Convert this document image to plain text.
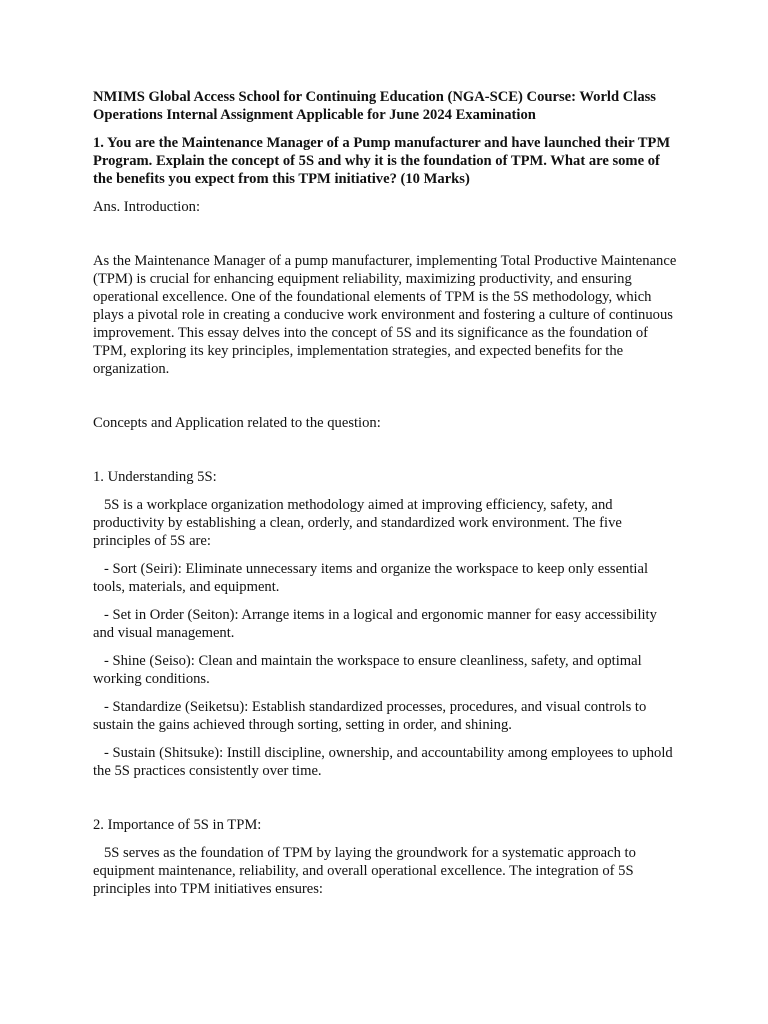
NMIMS Global Access School for Continuing Education (NGA-SCE) Course: World Class Operations Internal Assignment Applicable for June 2024 Examination

1. You are the Maintenance Manager of a Pump manufacturer and have launched their TPM Program. Explain the concept of 5S and why it is the foundation of TPM. What are some of the benefits you expect from this TPM initiative? (10 Marks)

Ans. Introduction:

As the Maintenance Manager of a pump manufacturer, implementing Total Productive Maintenance (TPM) is crucial for enhancing equipment reliability, maximizing productivity, and ensuring operational excellence. One of the foundational elements of TPM is the 5S methodology, which plays a pivotal role in creating a conducive work environment and fostering a culture of continuous improvement. This essay delves into the concept of 5S and its significance as the foundation of TPM, exploring its key principles, implementation strategies, and expected benefits for the organization.

Concepts and Application related to the question:

1. Understanding 5S:

5S is a workplace organization methodology aimed at improving efficiency, safety, and productivity by establishing a clean, orderly, and standardized work environment. The five principles of 5S are:

- Sort (Seiri): Eliminate unnecessary items and organize the workspace to keep only essential tools, materials, and equipment.

- Set in Order (Seiton): Arrange items in a logical and ergonomic manner for easy accessibility and visual management.

- Shine (Seiso): Clean and maintain the workspace to ensure cleanliness, safety, and optimal working conditions.

- Standardize (Seiketsu): Establish standardized processes, procedures, and visual controls to sustain the gains achieved through sorting, setting in order, and shining.

- Sustain (Shitsuke): Instill discipline, ownership, and accountability among employees to uphold the 5S practices consistently over time.

2. Importance of 5S in TPM:

5S serves as the foundation of TPM by laying the groundwork for a systematic approach to equipment maintenance, reliability, and overall operational excellence. The integration of 5S principles into TPM initiatives ensures:
